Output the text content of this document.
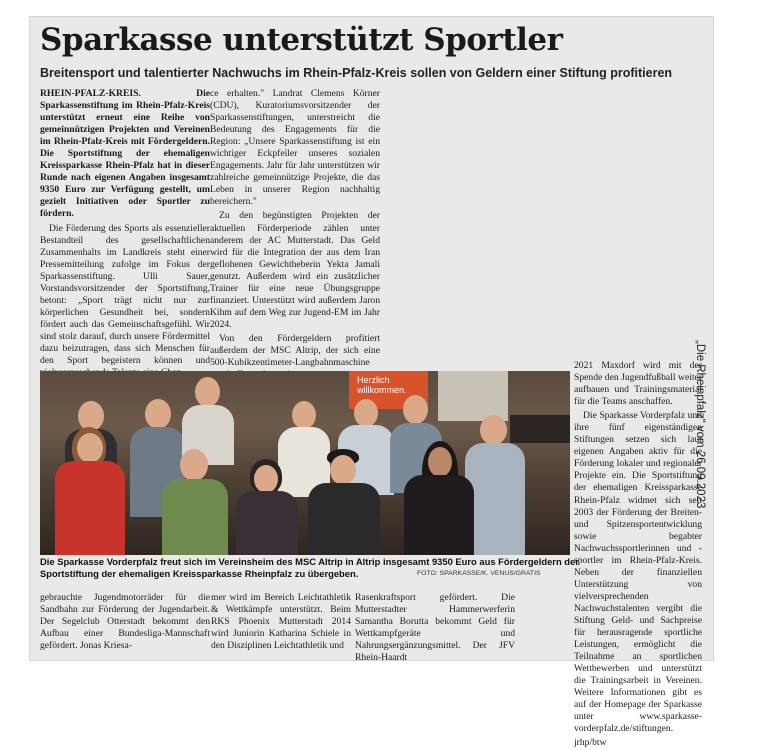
Sparkasse unterstützt Sportler
Breitensport und talentierter Nachwuchs im Rhein-Pfalz-Kreis sollen von Geldern einer Stiftung profitieren

RHEIN-PFALZ-KREIS. Die Sparkassenstiftung im Rhein-Pfalz-Kreis unterstützt erneut eine Reihe von gemeinnützigen Projekten und Vereinen im Rhein-Pfalz-Kreis mit Fördergeldern. Die Sportstiftung der ehemaligen Kreissparkasse Rhein-Pfalz hat in dieser Runde nach eigenen Angaben insgesamt 9350 Euro zur Verfügung gestellt, um gezielt Initiativen oder Sportler zu fördern.

Die Förderung des Sports als essenzieller Bestandteil des gesellschaftlichen Zusammenhalts im Landkreis steht einer Pressemitteilung zufolge im Fokus der Sparkassenstiftung. Ulli Sauer, Vorstandsvorsitzender der Sportstiftung, betont: „Sport trägt nicht nur zur körperlichen Gesundheit bei, sondern fördert auch das Gemeinschaftsgefühl. Wir sind stolz darauf, durch unsere Fördermittel dazu beizutragen, dass sich Menschen für den Sport begeistern können und

ce erhalten." Landrat Clemens Körner (CDU), Kuratoriumsvorsitzender der Sparkassenstiftungen, unterstreicht die Bedeutung des Engagements für die Region: „Unsere Sparkassenstiftung ist ein wichtiger Eckpfeiler unseres sozialen Engagements. Jahr für Jahr unterstützen wir zahlreiche gemeinnützige Projekte, die das Leben in unserer Region nachhaltig bereichern."

Zu den begünstigten Projekten der aktuellen Förderperiode zählen unter anderem der AC Mutterstadt. Das Geld wird für die Integration der aus dem Iran geflohenen Gewichtheberin Yekta Jamali genutzt. Außerdem wird ein zusätzlicher Trainer für eine neue Übungsgruppe finanziert. Unterstützt wird außerdem Jaron Kihm auf dem Weg zur Jugend-EM im Jahr 2024.

Von den Fördergeldern profitiert außerdem der MSC Altrip, der sich eine 500-Kubikzentimeter-Langbahnmaschine

Herzlich willkommen.
Die Sparkasse Vorderpfalz freut sich im Vereinsheim des MSC Altrip in Altrip insgesamt 9350 Euro aus Fördergeldern der Sportstiftung der ehemaligen Kreissparkasse Rheinpfalz zu übergeben.	FOTO: SPARKASSE/K. VENUS/GRATIS

2021 Maxdorf wird mit der Spende den Jugendfußball weiter aufbauen und Trainingsmaterial für die Teams anschaffen.

Die Sparkasse Vorderpfalz und ihre fünf eigenständigen Stiftungen setzen sich laut eigenen Angaben aktiv für die Förderung lokaler und regionaler Projekte ein. Die Sportstiftung der ehemaligen Kreissparkasse Rhein-Pfalz widmet sich seit 2003 der Förderung der Breiten- und Spitzensportentwicklung sowie begabter Nachwuchssportlerinnen und -sportler im Rhein-Pfalz-Kreis. Neben der finanziellen Unterstützung von vielversprechenden Nachwuchstalenten vergibt die Stiftung Geld- und Sachpreise für herausragende sportliche Leistungen, ermöglicht die Teilnahme an sportlichen Wettbewerben und unterstützt die Trainingsarbeit in Vereinen. Weitere Informationen gibt es auf der Homepage der Sparkasse unter www.sparkasse-vorderpfalz.de/stiftungen.

jrhp/btw

gebrauchte Jugendmotorräder für die Sandbahn zur Förderung der Jugendarbeit. Der Segelclub Otterstadt bekommt den Aufbau einer Bundesliga-Mannschaft gefördert. Jonas Kriesa-
mer wird im Bereich Leichtathletik & Wettkämpfe unterstützt. Beim RKS Phoenix Mutterstadt 2014 wird Juniorin Katharina Schiele in den Disziplinen Leichtathletik und
Rasenkraftsport gefördert. Die Mutterstadter Hammerwerferin Samantha Borutta bekommt Geld für Wettkampfgeräte und Nahrungsergänzungsmittel. Der JFV Rhein-Haardt
„Die Rheinpfalz" vom 26.09.2023
